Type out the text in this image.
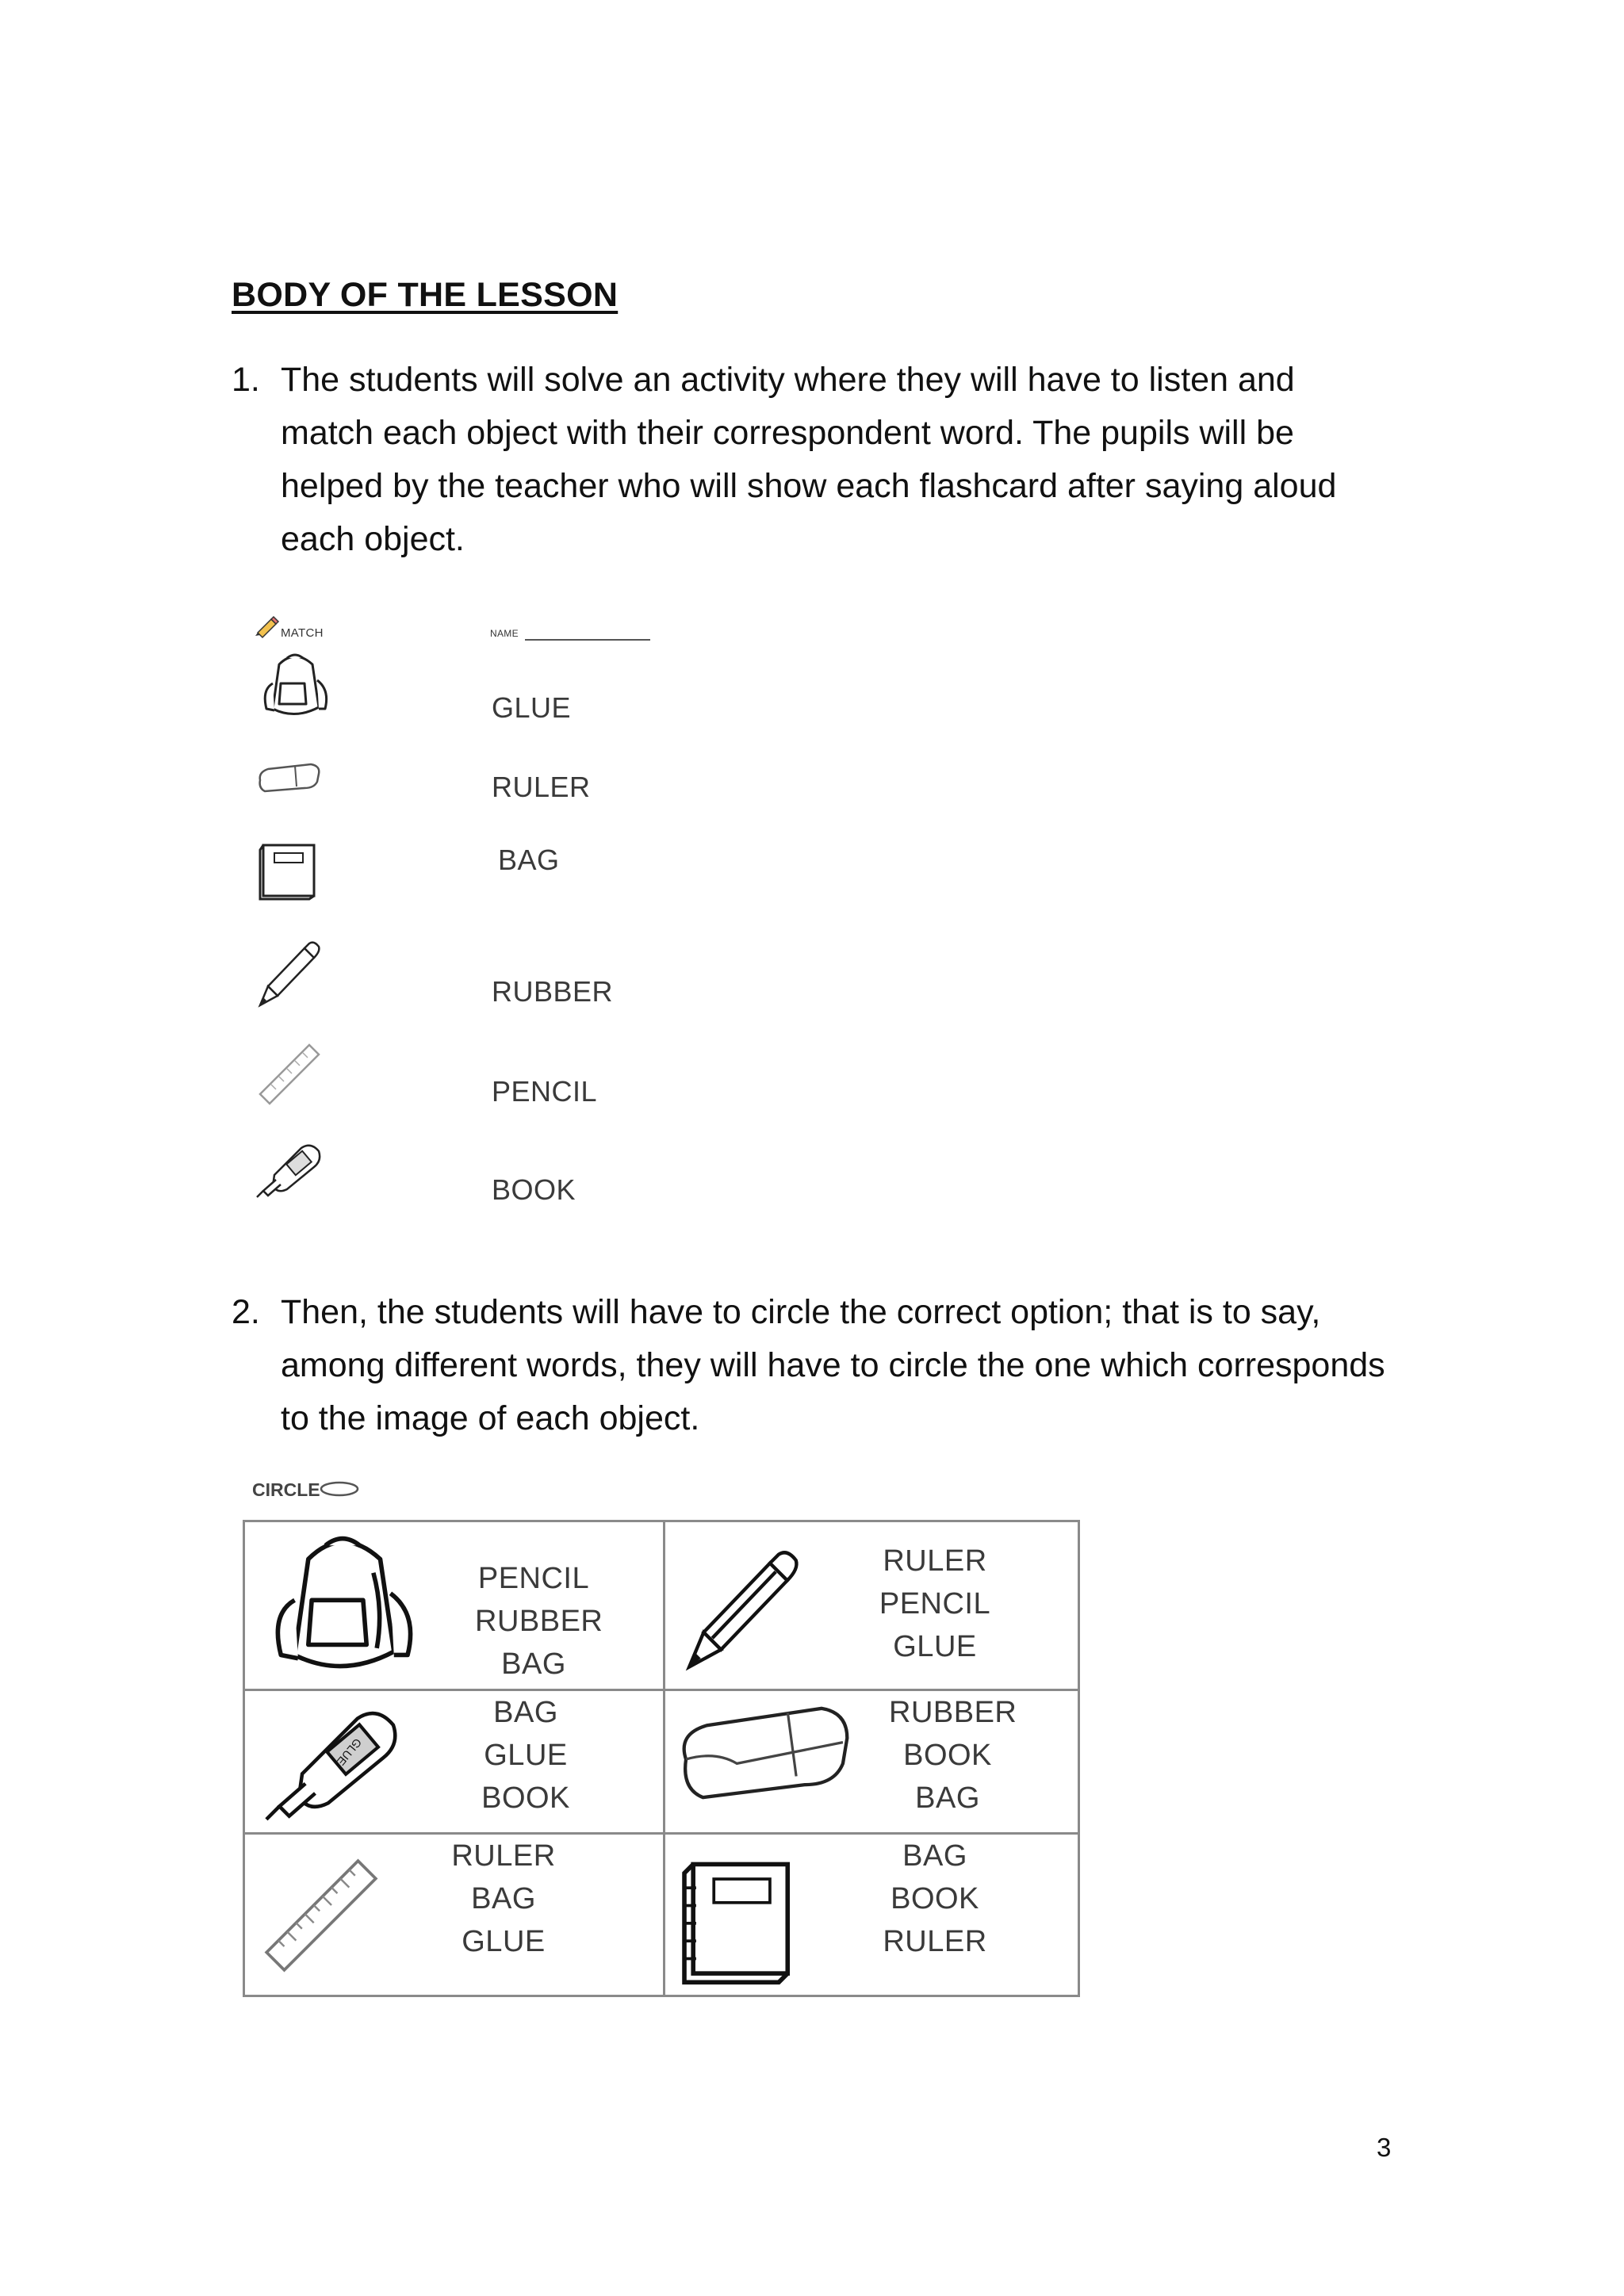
BODY OF THE LESSON
1. The students will solve an activity where they will have to listen and match each object with their correspondent word. The pupils will be helped by the teacher who will show each flashcard after saying aloud each object.
MATCH	NAME
GLUE
RULER
BAG
RUBBER
PENCIL
BOOK
2. Then, the students will have to circle the correct option; that is to say, among different words, they will have to circle the one which corresponds to the image of each object.
CIRCLE
PENCIL
RUBBER
BAG
RULER
PENCIL
GLUE
GLUE
BAG
GLUE
BOOK
RUBBER
BOOK
BAG
RULER
BAG
GLUE
BAG
BOOK
RULER
3
